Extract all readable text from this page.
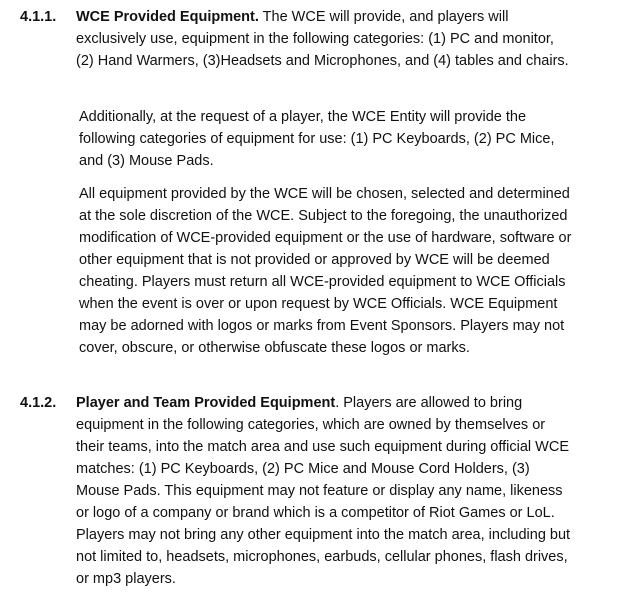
4.1.1. WCE Provided Equipment. The WCE will provide, and players will exclusively use, equipment in the following categories: (1) PC and monitor, (2) Hand Warmers, (3)Headsets and Microphones, and (4) tables and chairs.

Additionally, at the request of a player, the WCE Entity will provide the following categories of equipment for use: (1) PC Keyboards, (2) PC Mice, and (3) Mouse Pads.

All equipment provided by the WCE will be chosen, selected and determined at the sole discretion of the WCE. Subject to the foregoing, the unauthorized modification of WCE-provided equipment or the use of hardware, software or other equipment that is not provided or approved by WCE will be deemed cheating. Players must return all WCE-provided equipment to WCE Officials when the event is over or upon request by WCE Officials. WCE Equipment may be adorned with logos or marks from Event Sponsors. Players may not cover, obscure, or otherwise obfuscate these logos or marks.

4.1.2. Player and Team Provided Equipment. Players are allowed to bring equipment in the following categories, which are owned by themselves or their teams, into the match area and use such equipment during official WCE matches: (1) PC Keyboards, (2) PC Mice and Mouse Cord Holders, (3) Mouse Pads. This equipment may not feature or display any name, likeness or logo of a company or brand which is a competitor of Riot Games or LoL. Players may not bring any other equipment into the match area, including but not limited to, headsets, microphones, earbuds, cellular phones, flash drives, or mp3 players.
